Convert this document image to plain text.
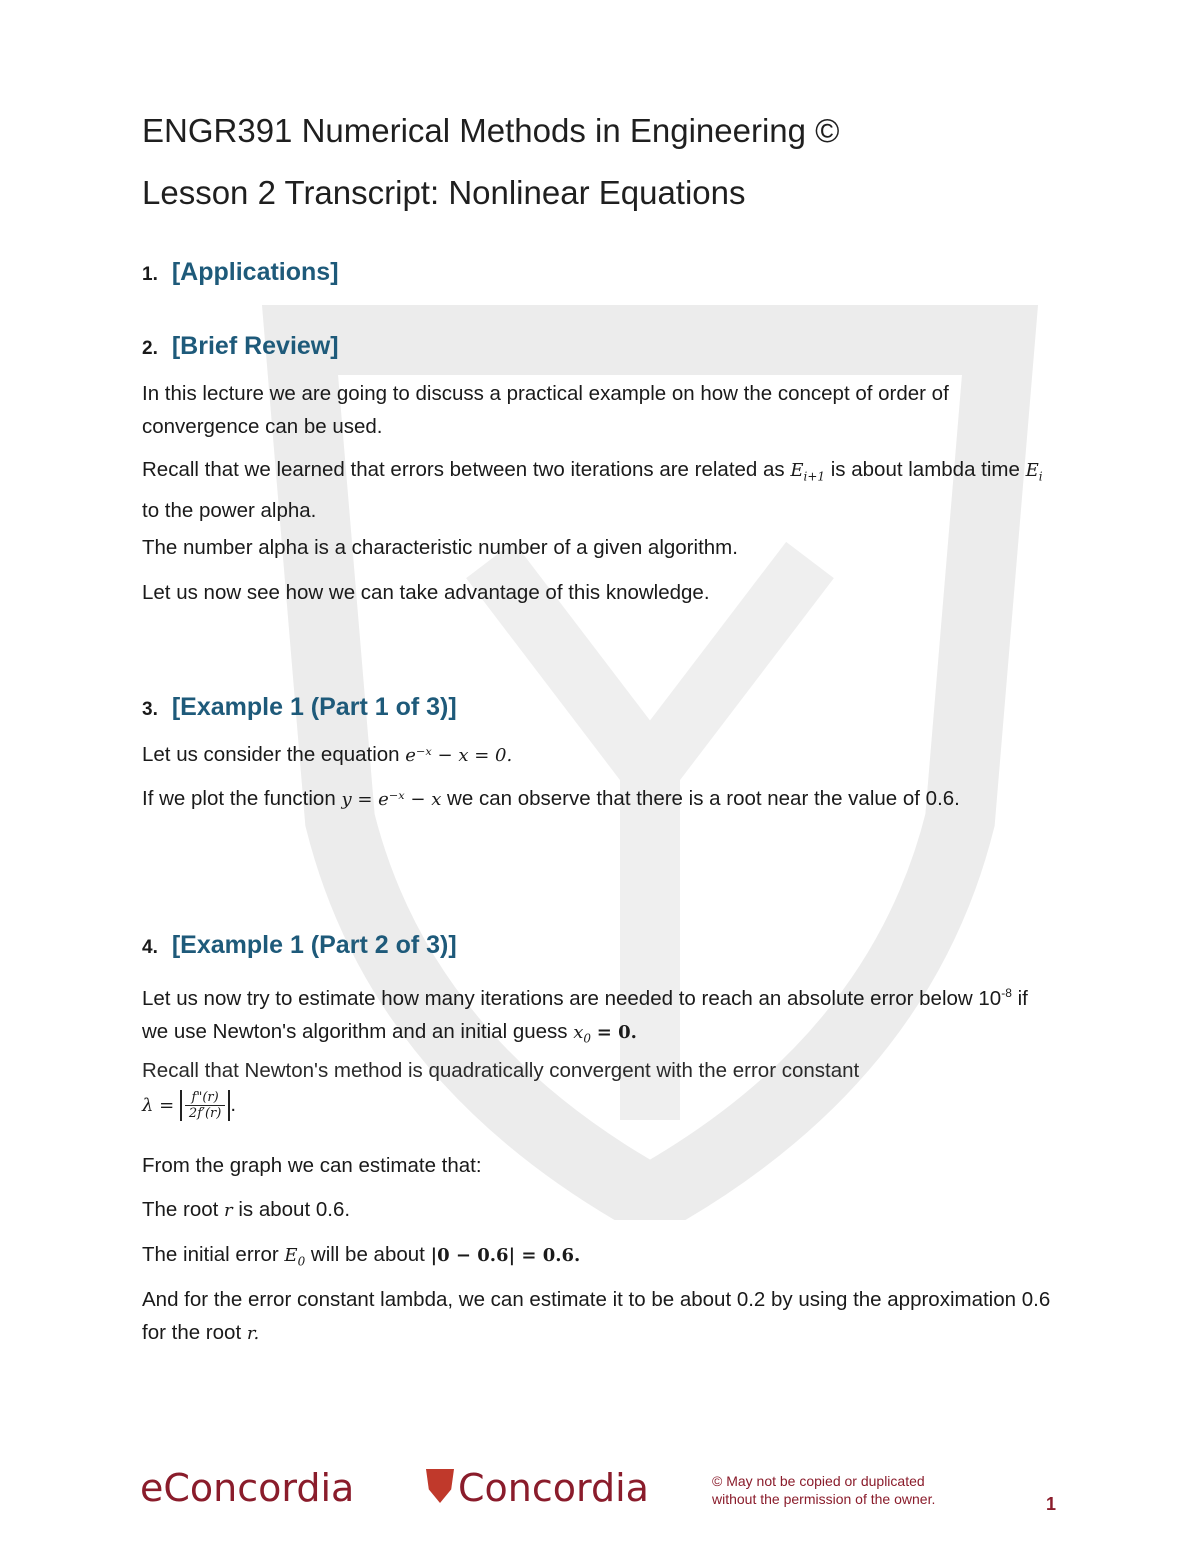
ENGR391 Numerical Methods in Engineering ©
Lesson 2 Transcript: Nonlinear Equations
1. [Applications]
2. [Brief Review]
In this lecture we are going to discuss a practical example on how the concept of order of convergence can be used.
Recall that we learned that errors between two iterations are related as $E_{i+1}$ is about lambda time $E_i$ to the power alpha.
The number alpha is a characteristic number of a given algorithm.
Let us now see how we can take advantage of this knowledge.
3. [Example 1 (Part 1 of 3)]
Let us consider the equation e⁻ˣ − x = 0.
If we plot the function y = e⁻ˣ − x we can observe that there is a root near the value of 0.6.
4. [Example 1 (Part 2 of 3)]
Let us now try to estimate how many iterations are needed to reach an absolute error below $10^{-8}$ if we use Newton's algorithm and an initial guess $x_0 = 0$.
Recall that Newton's method is quadratically convergent with the error constant
$\lambda = \frac{f"(r)}{2f'(r)}$ .
From the graph we can estimate that:
The root r is about 0.6.
The initial error $E_0$ will be about |0 − 0.6| = 0.6.
And for the error constant lambda, we can estimate it to be about 0.2 by using the approximation 0.6 for the root r.
eConcordia	Concordia	© May not be copied or duplicated
without the permission of the owner.	1
